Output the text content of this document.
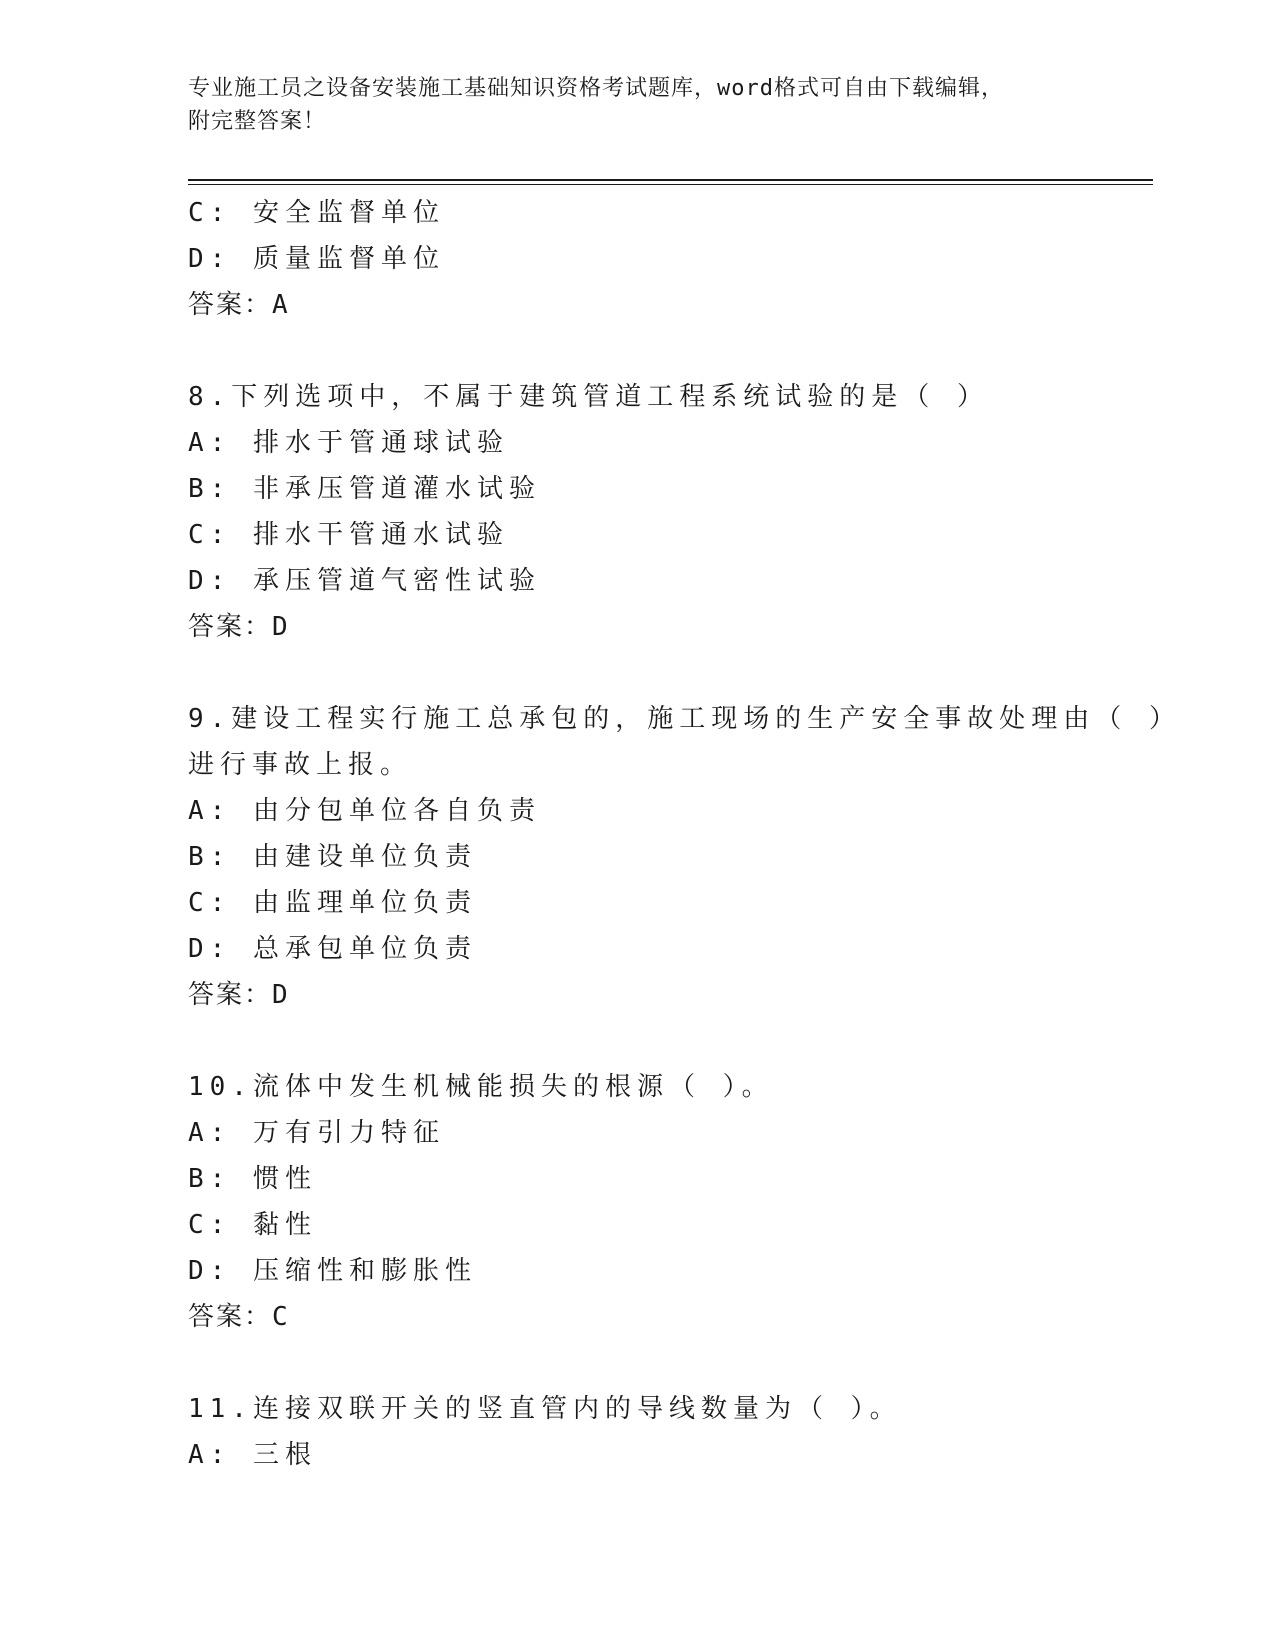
专业施工员之设备安装施工基础知识资格考试题库，word格式可自由下载编辑，
附完整答案！
C: 安全监督单位
D: 质量监督单位
答案：A
8.下列选项中，不属于建筑管道工程系统试验的是（ ）
A: 排水于管通球试验
B: 非承压管道灌水试验
C: 排水干管通水试验
D: 承压管道气密性试验
答案：D
9.建设工程实行施工总承包的，施工现场的生产安全事故处理由（ ）
进行事故上报。
A: 由分包单位各自负责
B: 由建设单位负责
C: 由监理单位负责
D: 总承包单位负责
答案：D
10.流体中发生机械能损失的根源（ ）。
A: 万有引力特征
B: 惯性
C: 黏性
D: 压缩性和膨胀性
答案：C
11.连接双联开关的竖直管内的导线数量为（ ）。
A: 三根
